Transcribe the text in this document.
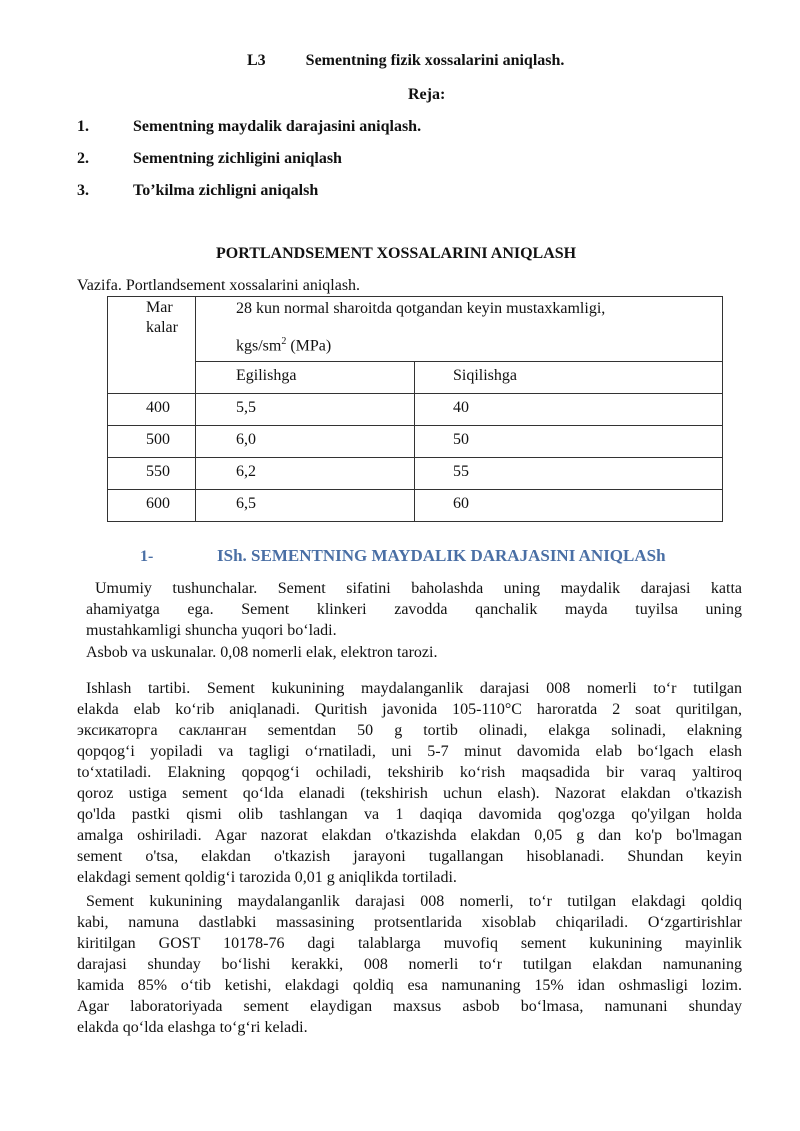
L3	Sementning fizik xossalarini aniqlash.
Reja:
1.	Sementning maydalik darajasini aniqlash.
2.	Sementning zichligini aniqlash
3.	To’kilma zichligni aniqalsh
PORTLANDSEMENT XOSSALARINI ANIQLASH
Vazifa. Portlandsement xossalarini aniqlash.
Mar kalar	28 kun normal sharoitda qotgandan keyin mustaxkamligi,
kgs/$sm^2$ (MPa)	

	Egilishga	Siqilishga
400	5,5	40
500	6,0	50
550	6,2	55
600	6,5	60
1-	ISh. SEMENTNING MAYDALIK DARAJASINI ANIQLASh
Umumiy tushunchalar. Sement sifatini baholashda uning maydalik darajasi katta
ahamiyatga ega. Sement klinkeri zavodda qanchalik mayda tuyilsa uning
mustahkamligi shuncha yuqori bo‘ladi.
Asbob va uskunalar. 0,08 nomerli elak, elektron tarozi.
Ishlash tartibi. Sement kukunining maydalanganlik darajasi 008 nomerli to‘r tutilgan
elakda elab ko‘rib aniqlanadi. Quritish javonida 105-110°C haroratda 2 soat quritilgan,
эксикаторга сакланган sementdan 50 g tortib olinadi, elakga solinadi, elakning
qopqog‘i yopiladi va tagligi o‘rnatiladi, uni 5-7 minut davomida elab bo‘lgach elash
to‘xtatiladi. Elakning qopqog‘i ochiladi, tekshirib ko‘rish maqsadida bir varaq yaltiroq
qoroz ustiga sement qo‘lda elanadi (tekshirish uchun elash). Nazorat elakdan o'tkazish
qo'lda pastki qismi olib tashlangan va 1 daqiqa davomida qog'ozga qo'yilgan holda
amalga oshiriladi. Agar nazorat elakdan o'tkazishda elakdan 0,05 g dan ko'p bo'lmagan
sement o'tsa, elakdan o'tkazish jarayoni tugallangan hisoblanadi. Shundan keyin
elakdagi sement qoldig‘i tarozida 0,01 g aniqlikda tortiladi.
Sement kukunining maydalanganlik darajasi 008 nomerli, to‘r tutilgan elakdagi qoldiq
kabi, namuna dastlabki massasining protsentlarida xisoblab chiqariladi. O‘zgartirishlar
kiritilgan GOST 10178-76 dagi talablarga muvofiq sement kukunining mayinlik
darajasi shunday bo‘lishi kerakki, 008 nomerli to‘r tutilgan elakdan namunaning
kamida 85% o‘tib ketishi, elakdagi qoldiq esa namunaning 15% idan oshmasligi lozim.
Agar laboratoriyada sement elaydigan maxsus asbob bo‘lmasa, namunani shunday
elakda qo‘lda elashga to‘g‘ri keladi.
